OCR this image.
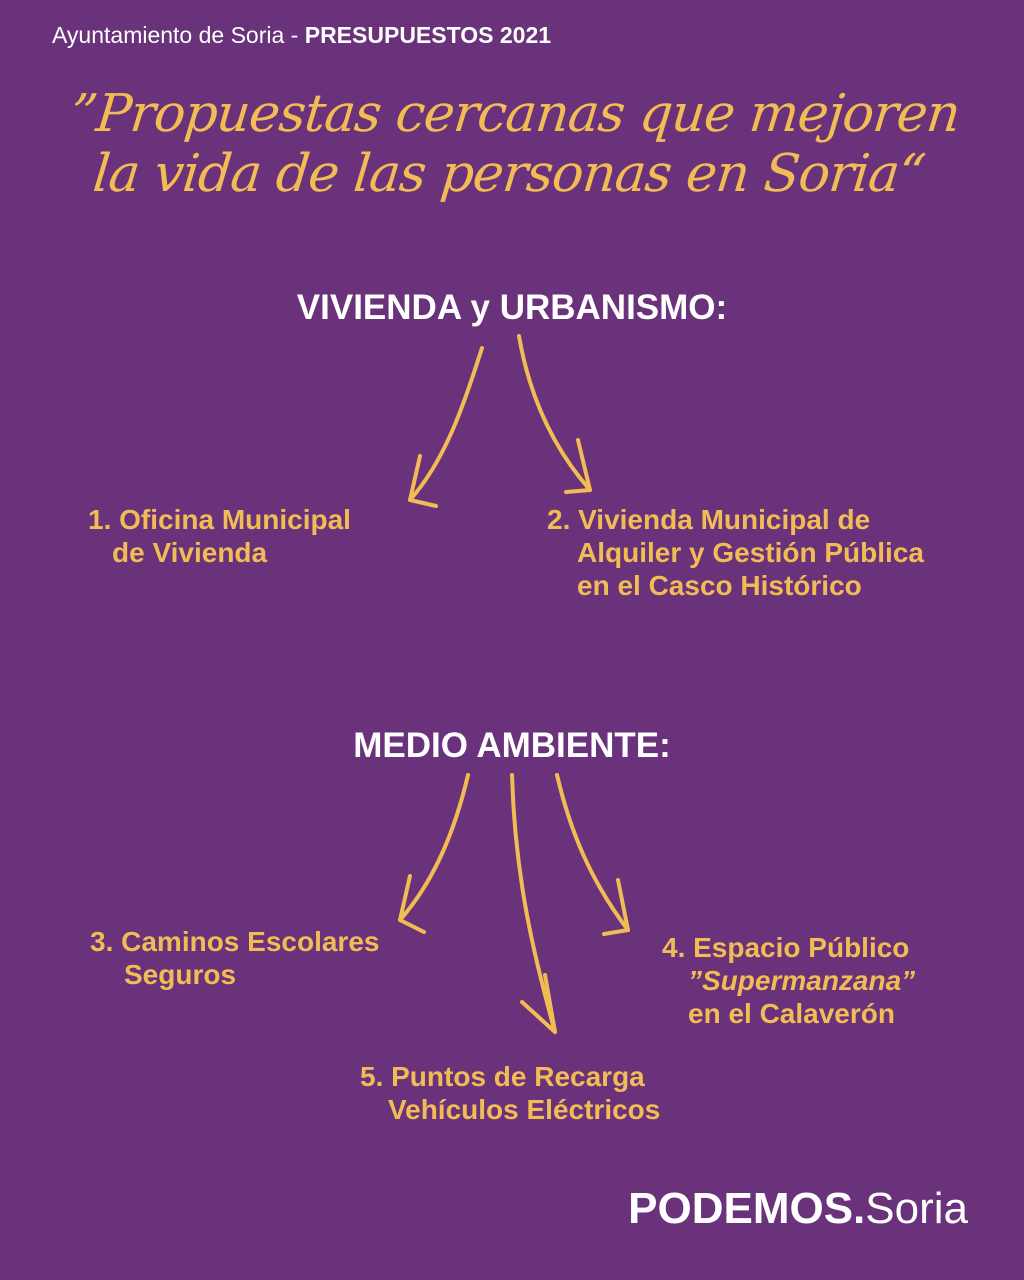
Ayuntamiento de Soria - PRESUPUESTOS 2021
”Propuestas cercanas que mejoren
la vida de las personas en Soria“
VIVIENDA y URBANISMO:
1. Oficina Municipal
de Vivienda
2. Vivienda Municipal de
Alquiler y Gestión Pública
en el Casco Histórico
MEDIO AMBIENTE:
3. Caminos Escolares
Seguros
4. Espacio Público
”Supermanzana”
en el Calaverón
5. Puntos de Recarga
Vehículos Eléctricos
PODEMOS.Soria
